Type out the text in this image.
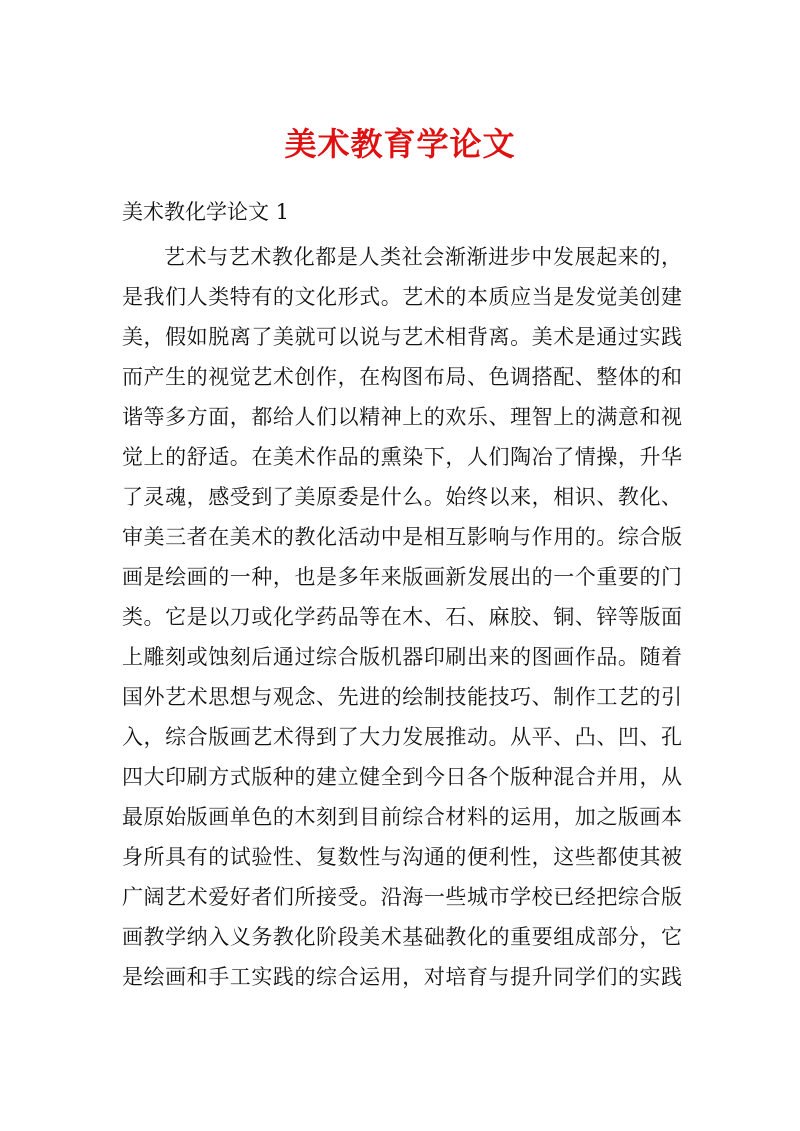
美术教育学论文
美术教化学论文 1
艺术与艺术教化都是人类社会渐渐进步中发展起来的，
是我们人类特有的文化形式。艺术的本质应当是发觉美创建
美，假如脱离了美就可以说与艺术相背离。美术是通过实践
而产生的视觉艺术创作，在构图布局、色调搭配、整体的和
谐等多方面，都给人们以精神上的欢乐、理智上的满意和视
觉上的舒适。在美术作品的熏染下，人们陶冶了情操，升华
了灵魂，感受到了美原委是什么。始终以来，相识、教化、
审美三者在美术的教化活动中是相互影响与作用的。综合版
画是绘画的一种，也是多年来版画新发展出的一个重要的门
类。它是以刀或化学药品等在木、石、麻胶、铜、锌等版面
上雕刻或蚀刻后通过综合版机器印刷出来的图画作品。随着
国外艺术思想与观念、先进的绘制技能技巧、制作工艺的引
入，综合版画艺术得到了大力发展推动。从平、凸、凹、孔
四大印刷方式版种的建立健全到今日各个版种混合并用，从
最原始版画单色的木刻到目前综合材料的运用，加之版画本
身所具有的试验性、复数性与沟通的便利性，这些都使其被
广阔艺术爱好者们所接受。沿海一些城市学校已经把综合版
画教学纳入义务教化阶段美术基础教化的重要组成部分，它
是绘画和手工实践的综合运用，对培育与提升同学们的实践
